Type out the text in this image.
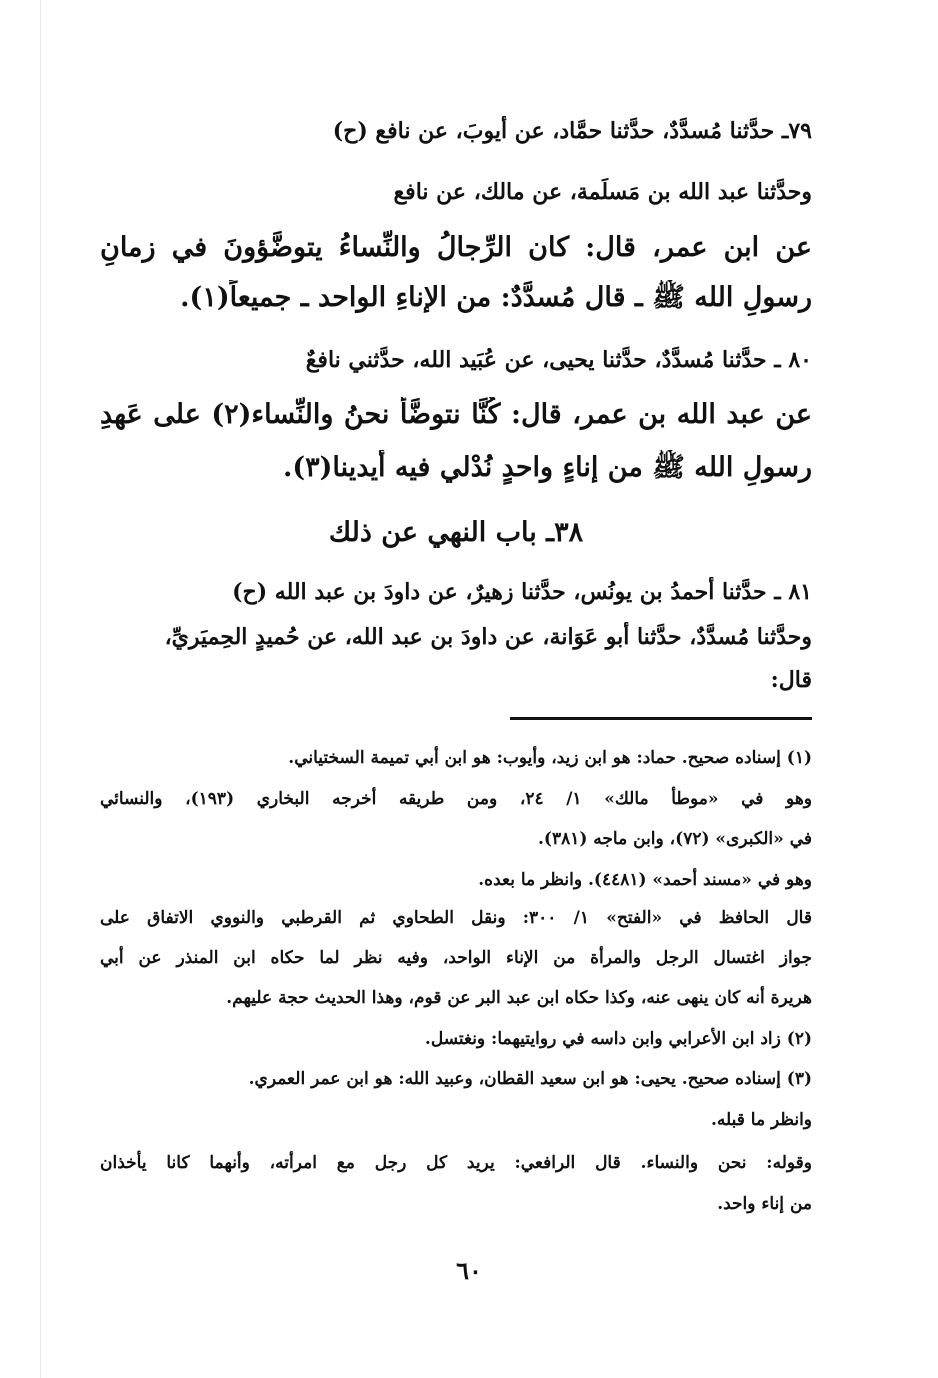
٧٩ـ حدَّثنا مُسدَّدٌ، حدَّثنا حمَّاد، عن أيوبَ، عن نافع (ح)
وحدَّثنا عبد الله بن مَسلَمة، عن مالك، عن نافع
عن ابن عمر، قال: كان الرِّجالُ والنِّساءُ يتوضَّؤونَ في زمانِ
رسولِ الله ﷺ ـ قال مُسدَّدٌ: من الإناءِ الواحد ـ جميعاً(١).
٨٠ ـ حدَّثنا مُسدَّدٌ، حدَّثنا يحيى، عن عُبَيد الله، حدَّثني نافعٌ
عن عبد الله بن عمر، قال: كُنَّا نتوضَّأُ نحنُ والنِّساء(٢) على عَهدِ
رسولِ الله ﷺ من إناءٍ واحدٍ نُدْلي فيه أيدينا(٣).
٣٨ـ باب النهي عن ذلك
٨١ ـ حدَّثنا أحمدُ بن يونُس، حدَّثنا زهيرٌ، عن داودَ بن عبد الله (ح)
وحدَّثنا مُسدَّدٌ، حدَّثنا أبو عَوَانة، عن داودَ بن عبد الله، عن حُميدٍ الحِميَريِّ،
قال:
(١) إسناده صحيح. حماد: هو ابن زيد، وأيوب: هو ابن أبي تميمة السختياني.
وهو في «موطأ مالك» ١/ ٢٤، ومن طريقه أخرجه البخاري (١٩٣)، والنسائي
في «الكبرى» (٧٢)، وابن ماجه (٣٨١).
وهو في «مسند أحمد» (٤٤٨١). وانظر ما بعده.
قال الحافظ في «الفتح» ١/ ٣٠٠: ونقل الطحاوي ثم القرطبي والنووي الاتفاق على
جواز اغتسال الرجل والمرأة من الإناء الواحد، وفيه نظر لما حكاه ابن المنذر عن أبي
هريرة أنه كان ينهى عنه، وكذا حكاه ابن عبد البر عن قوم، وهذا الحديث حجة عليهم.
(٢) زاد ابن الأعرابي وابن داسه في روايتيهما: ونغتسل.
(٣) إسناده صحيح. يحيى: هو ابن سعيد القطان، وعبيد الله: هو ابن عمر العمري.
وانظر ما قبله.
وقوله: نحن والنساء. قال الرافعي: يريد كل رجل مع امرأته، وأنهما كانا يأخذان
من إناء واحد.
٦٠
